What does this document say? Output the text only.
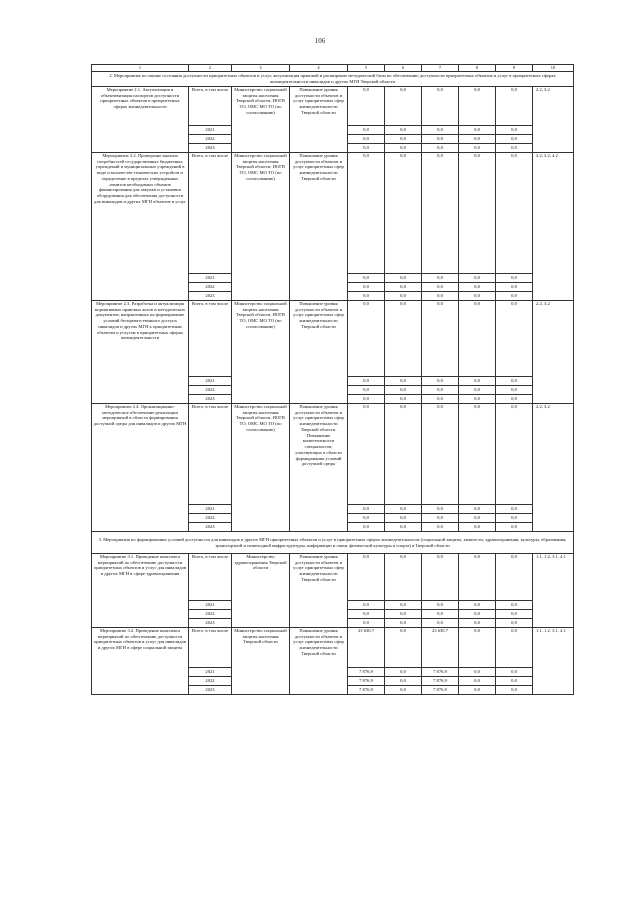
106
1	2	3	4	5	6	7	8	9	10
2. Мероприятия по оценке состояния доступности приоритетных объектов и услуг, актуализация правовой и расширение методической базы по обеспечению доступности приоритетных объектов и услуг в приоритетных сферах жизнедеятельности инвалидов и других МГН Тверской области									
Мероприятие 2.1. Актуализация и объективизация паспортов доступности приоритетных объектов в приоритетных сферах жизнедеятельности	Всего, в том числе	Министерство социальной защиты населения Тверской области, ИОГВ ТО, ОМС МО ТО (по согласованию)	Повышение уровня доступности объектов и услуг приоритетных сфер жизнедеятельности Тверской области	0,0	0,0	0,0	0,0	0,0	2.2, 3.2
	2021			0,0	0,0	0,0	0,0	0,0	
	2022			0,0	0,0	0,0	0,0	0,0	
	2023			0,0	0,0	0,0	0,0	0,0	
Мероприятие 2.2. Проведение анализа потребностей государственных бюджетных учреждений и муниципальных учреждений в виде и количестве технических устройств и определение в пределах утвержденных лимитов необходимых объемов финансирования для закупки и установки оборудования для обеспечения доступности для инвалидов и других МГН объектов и услуг	Всего, в том числе	Министерство социальной защиты населения Тверской области, ИОГВ ТО, ОМС МО ТО (по согласованию)	Повышение уровня доступности объектов и услуг приоритетных сфер жизнедеятельности Тверской области	0,0	0,0	0,0	0,0	0,0	2.2, 3.2, 4.2
	2021			0,0	0,0	0,0	0,0	0,0	
	2022			0,0	0,0	0,0	0,0	0,0	
	2023			0,0	0,0	0,0	0,0	0,0	
Мероприятие 2.3. Разработка и актуализация нормативных правовых актов и методических документов, направленных на формирование условий беспрепятственного доступа инвалидов и других МГН к приоритетным объектам и услугам в приоритетных сферах жизнедеятельности	Всего, в том числе	Министерство социальной защиты населения Тверской области, ИОГВ ТО, ОМС МО ТО (по согласованию)	Повышение уровня доступности объектов и услуг приоритетных сфер жизнедеятельности Тверской области	0,0	0,0	0,0	0,0	0,0	2.2, 3.2
	2021			0,0	0,0	0,0	0,0	0,0	
	2022			0,0	0,0	0,0	0,0	0,0	
	2023			0,0	0,0	0,0	0,0	0,0	
Мероприятие 2.4. Организационно-методическое обеспечение реализации мероприятий в области формирования доступной среды для инвалидов и других МГН	Всего, в том числе	Министерство социальной защиты населения Тверской области, ИОГВ ТО, ОМС МО ТО (по согласованию)	Повышение уровня доступности объектов и услуг приоритетных сфер жизнедеятельности Тверской области. Повышение компетентности специалистов, участвующих в области формирования условий доступной среды	0,0	0,0	0,0	0,0	0,0	2.2, 3.2
	2021			0,0	0,0	0,0	0,0	0,0	
	2022			0,0	0,0	0,0	0,0	0,0	
	2023			0,0	0,0	0,0	0,0	0,0	
3. Мероприятия по формированию условий доступности для инвалидов и других МГН приоритетных объектов и услуг в приоритетных сферах жизнедеятельности (социальной защиты, занятости, здравоохранения, культуры, образования, транспортной и пешеходной инфраструктуры, информации и связи, физической культуры и спорта) в Тверской области									
Мероприятие 3.1. Проведение комплекса мероприятий по обеспечению доступности приоритетных объектов и услуг для инвалидов и других МГН в сфере здравоохранения	Всего, в том числе	Министерство здравоохранения Тверской области	Повышение уровня доступности объектов и услуг приоритетных сфер жизнедеятельности Тверской области	0,0	0,0	0,0	0,0	0,0	1.1, 1.2, 3.1, 4.1
	2021			0,0	0,0	0,0	0,0	0,0	
	2022			0,0	0,0	0,0	0,0	0,0	
	2023			0,0	0,0	0,0	0,0	0,0	
Мероприятие 3.2. Проведение комплекса мероприятий по обеспечению доступности приоритетных объектов и услуг для инвалидов и других МГН в сфере социальной защиты	Всего, в том числе	Министерство социальной защиты населения Тверской области	Повышение уровня доступности объектов и услуг приоритетных сфер жизнедеятельности Тверской области	23 630,7	0,0	23 630,7	0,0	0,0	1.1, 1.2, 3.1, 4.1
	2021			7 876,9	0,0	7 876,9	0,0	0,0	
	2022			7 876,9	0,0	7 876,9	0,0	0,0	
	2023			7 876,9	0,0	7 876,9	0,0	0,0	
